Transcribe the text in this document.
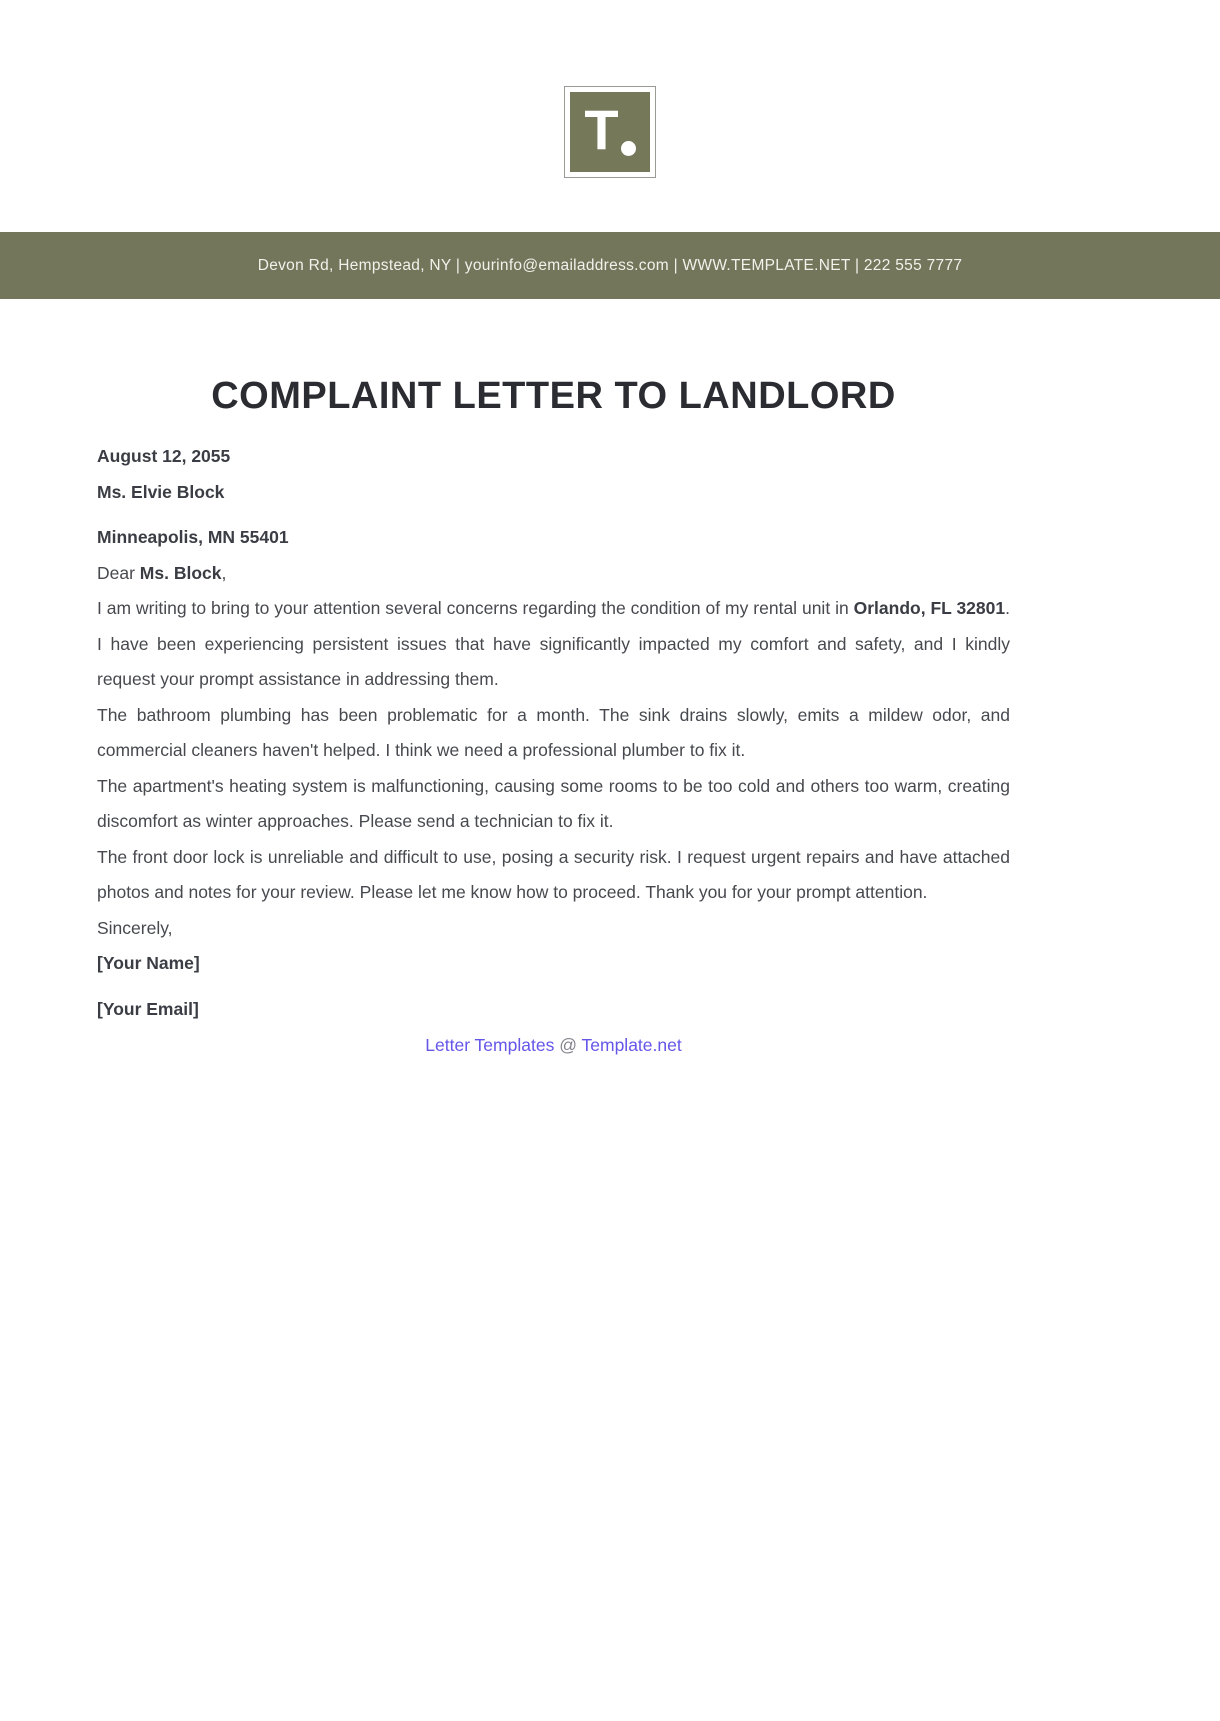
T
Devon Rd, Hempstead, NY | yourinfo@emailaddress.com | WWW.TEMPLATE.NET | 222 555 7777
COMPLAINT LETTER TO LANDLORD
August 12, 2055
Ms. Elvie Block
Minneapolis, MN 55401
Dear Ms. Block,
I am writing to bring to your attention several concerns regarding the condition of my rental unit in Orlando, FL 32801. I have been experiencing persistent issues that have significantly impacted my comfort and safety, and I kindly request your prompt assistance in addressing them.
The bathroom plumbing has been problematic for a month. The sink drains slowly, emits a mildew odor, and commercial cleaners haven't helped. I think we need a professional plumber to fix it.
The apartment's heating system is malfunctioning, causing some rooms to be too cold and others too warm, creating discomfort as winter approaches. Please send a technician to fix it.
The front door lock is unreliable and difficult to use, posing a security risk. I request urgent repairs and have attached photos and notes for your review. Please let me know how to proceed. Thank you for your prompt attention.
Sincerely,
[Your Name]
[Your Email]
Letter Templates @ Template.net
